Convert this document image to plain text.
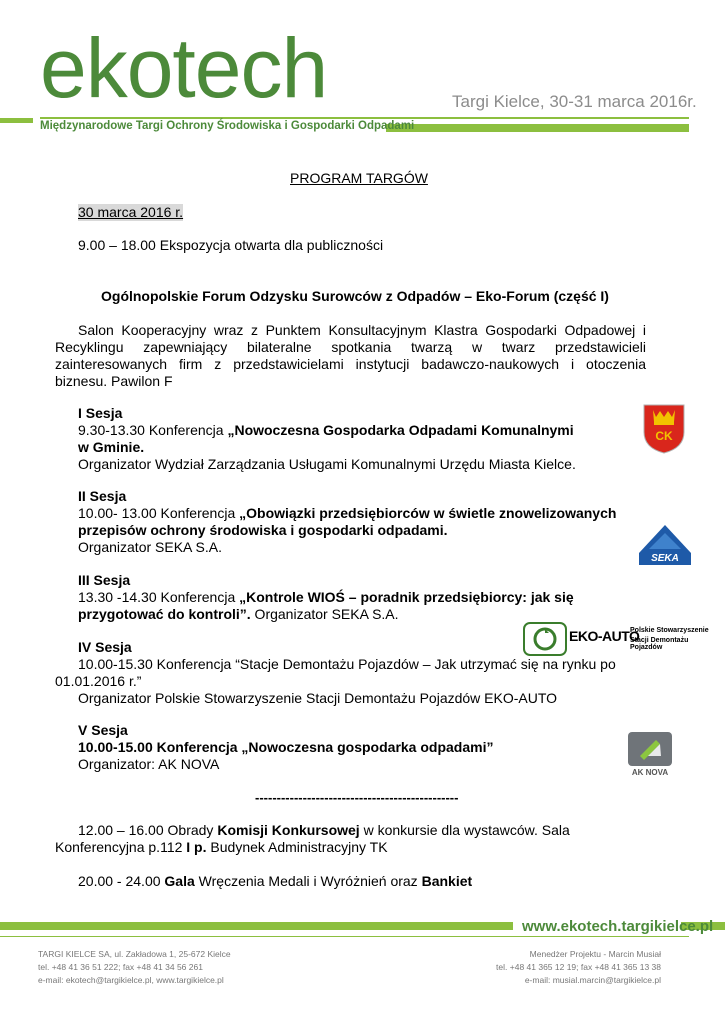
ekotech	Targi Kielce, 30-31 marca 2016r.
Międzynarodowe Targi Ochrony Środowiska i Gospodarki Odpadami
PROGRAM TARGÓW
30 marca 2016 r.
9.00 – 18.00 Ekspozycja otwarta dla publiczności
Ogólnopolskie Forum Odzysku Surowców z Odpadów – Eko-Forum (część I)
Salon Kooperacyjny wraz z Punktem Konsultacyjnym Klastra Gospodarki Odpadowej i
Recyklingu zapewniający bilateralne spotkania twarzą w twarz przedstawicieli
zainteresowanych firm z przedstawicielami instytucji badawczo-naukowych i otoczenia
biznesu. Pawilon F
I Sesja
9.30-13.30 Konferencja „Nowoczesna Gospodarka Odpadami Komunalnymi
w Gminie.
Organizator Wydział Zarządzania Usługami Komunalnymi Urzędu Miasta Kielce.
II Sesja
10.00- 13.00 Konferencja „Obowiązki przedsiębiorców w świetle znowelizowanych
przepisów ochrony środowiska i gospodarki odpadami.
Organizator SEKA S.A.
III Sesja
13.30 -14.30 Konferencja „Kontrole WIOŚ – poradnik przedsiębiorcy: jak się
przygotować do kontroli”. Organizator SEKA S.A.
IV Sesja
10.00-15.30 Konferencja “Stacje Demontażu Pojazdów – Jak utrzymać się na rynku po
01.01.2016 r.”
Organizator Polskie Stowarzyszenie Stacji Demontażu Pojazdów EKO-AUTO
V Sesja
10.00-15.00 Konferencja „Nowoczesna gospodarka odpadami”
Organizator: AK NOVA
-----------------------------------------------
12.00 – 16.00 Obrady Komisji Konkursowej w konkursie dla wystawców. Sala
Konferencyjna p.112 I p. Budynek Administracyjny TK
20.00 - 24.00 Gala Wręczenia Medali i Wyróżnień oraz Bankiet
CK
SEKA
EKO-AUTO
Polskie Stowarzyszenie
Stacji Demontażu Pojazdów
AK NOVA
www.ekotech.targikielce.pl
TARGI KIELCE SA, ul. Zakładowa 1, 25-672 Kielce
tel. +48 41 36 51 222; fax +48 41 34 56 261
e-mail: ekotech@targikielce.pl, www.targikielce.pl
Menedżer Projektu - Marcin Musiał
tel. +48 41 365 12 19; fax +48 41 365 13 38
e-mail: musial.marcin@targikielce.pl
